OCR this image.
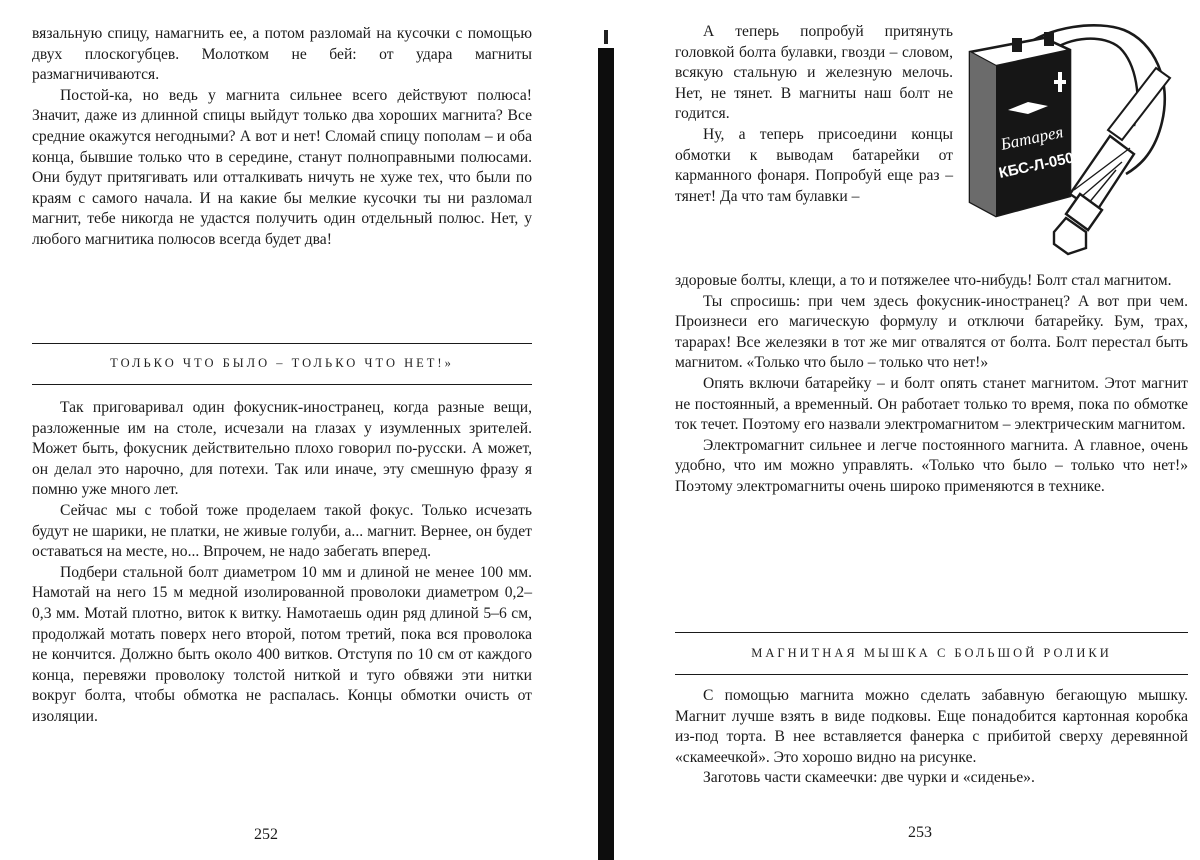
вязальную спицу, намагнить ее, а потом разломай на кусочки с помощью двух плоскогубцев. Молотком не бей: от удара магниты размагничиваются.

Постой-ка, но ведь у магнита сильнее всего действуют полюса! Значит, даже из длинной спицы выйдут только два хороших магнита? Все средние окажутся негодными? А вот и нет! Сломай спицу пополам – и оба конца, бывшие только что в середине, станут полноправными полюсами. Они будут притягивать или отталкивать ничуть не хуже тех, что были по краям с самого начала. И на какие бы мелкие кусочки ты ни разломал магнит, тебе никогда не удастся получить один отдельный полюс. Нет, у любого магнитика полюсов всегда будет два!

ТОЛЬКО ЧТО БЫЛО – ТОЛЬКО ЧТО НЕТ!»

Так приговаривал один фокусник-иностранец, когда разные вещи, разложенные им на столе, исчезали на глазах у изумленных зрителей. Может быть, фокусник действительно плохо говорил по-русски. А может, он делал это нарочно, для потехи. Так или иначе, эту смешную фразу я помню уже много лет.

Сейчас мы с тобой тоже проделаем такой фокус. Только исчезать будут не шарики, не платки, не живые голуби, а... магнит. Вернее, он будет оставаться на месте, но... Впрочем, не надо забегать вперед.

Подбери стальной болт диаметром 10 мм и длиной не менее 100 мм. Намотай на него 15 м медной изолированной проволоки диаметром 0,2–0,3 мм. Мотай плотно, виток к витку. Намотаешь один ряд длиной 5–6 см, продолжай мотать поверх него второй, потом третий, пока вся проволока не кончится. Должно быть около 400 витков. Отступя по 10 см от каждого конца, перевяжи проволоку толстой ниткой и туго обвяжи эти нитки вокруг болта, чтобы обмотка не распалась. Концы обмотки очисть от изоляции.

252

А теперь попробуй притянуть головкой болта булавки, гвозди – словом, всякую стальную и железную мелочь. Нет, не тянет. В магниты наш болт не годится.

Ну, а теперь присоедини концы обмотки к выводам батарейки от карманного фонаря. Попробуй еще раз – тянет! Да что там булавки –

Батарея
КБС-Л-050

здоровые болты, клещи, а то и потяжелее что-нибудь! Болт стал магнитом.

Ты спросишь: при чем здесь фокусник-иностранец? А вот при чем. Произнеси его магическую формулу и отключи батарейку. Бум, трах, тарарах! Все железяки в тот же миг отвалятся от болта. Болт перестал быть магнитом. «Только что было – только что нет!»

Опять включи батарейку – и болт опять станет магнитом. Этот магнит не постоянный, а временный. Он работает только то время, пока по обмотке ток течет. Поэтому его назвали электромагнитом – электрическим магнитом.

Электромагнит сильнее и легче постоянного магнита. А главное, очень удобно, что им можно управлять. «Только что было – только что нет!» Поэтому электромагниты очень широко применяются в технике.

МАГНИТНАЯ МЫШКА С БОЛЬШОЙ РОЛИКИ

С помощью магнита можно сделать забавную бегающую мышку. Магнит лучше взять в виде подковы. Еще понадобится картонная коробка из-под торта. В нее вставляется фанерка с прибитой сверху деревянной «скамеечкой». Это хорошо видно на рисунке.

Заготовь части скамеечки: две чурки и «сиденье».

253
